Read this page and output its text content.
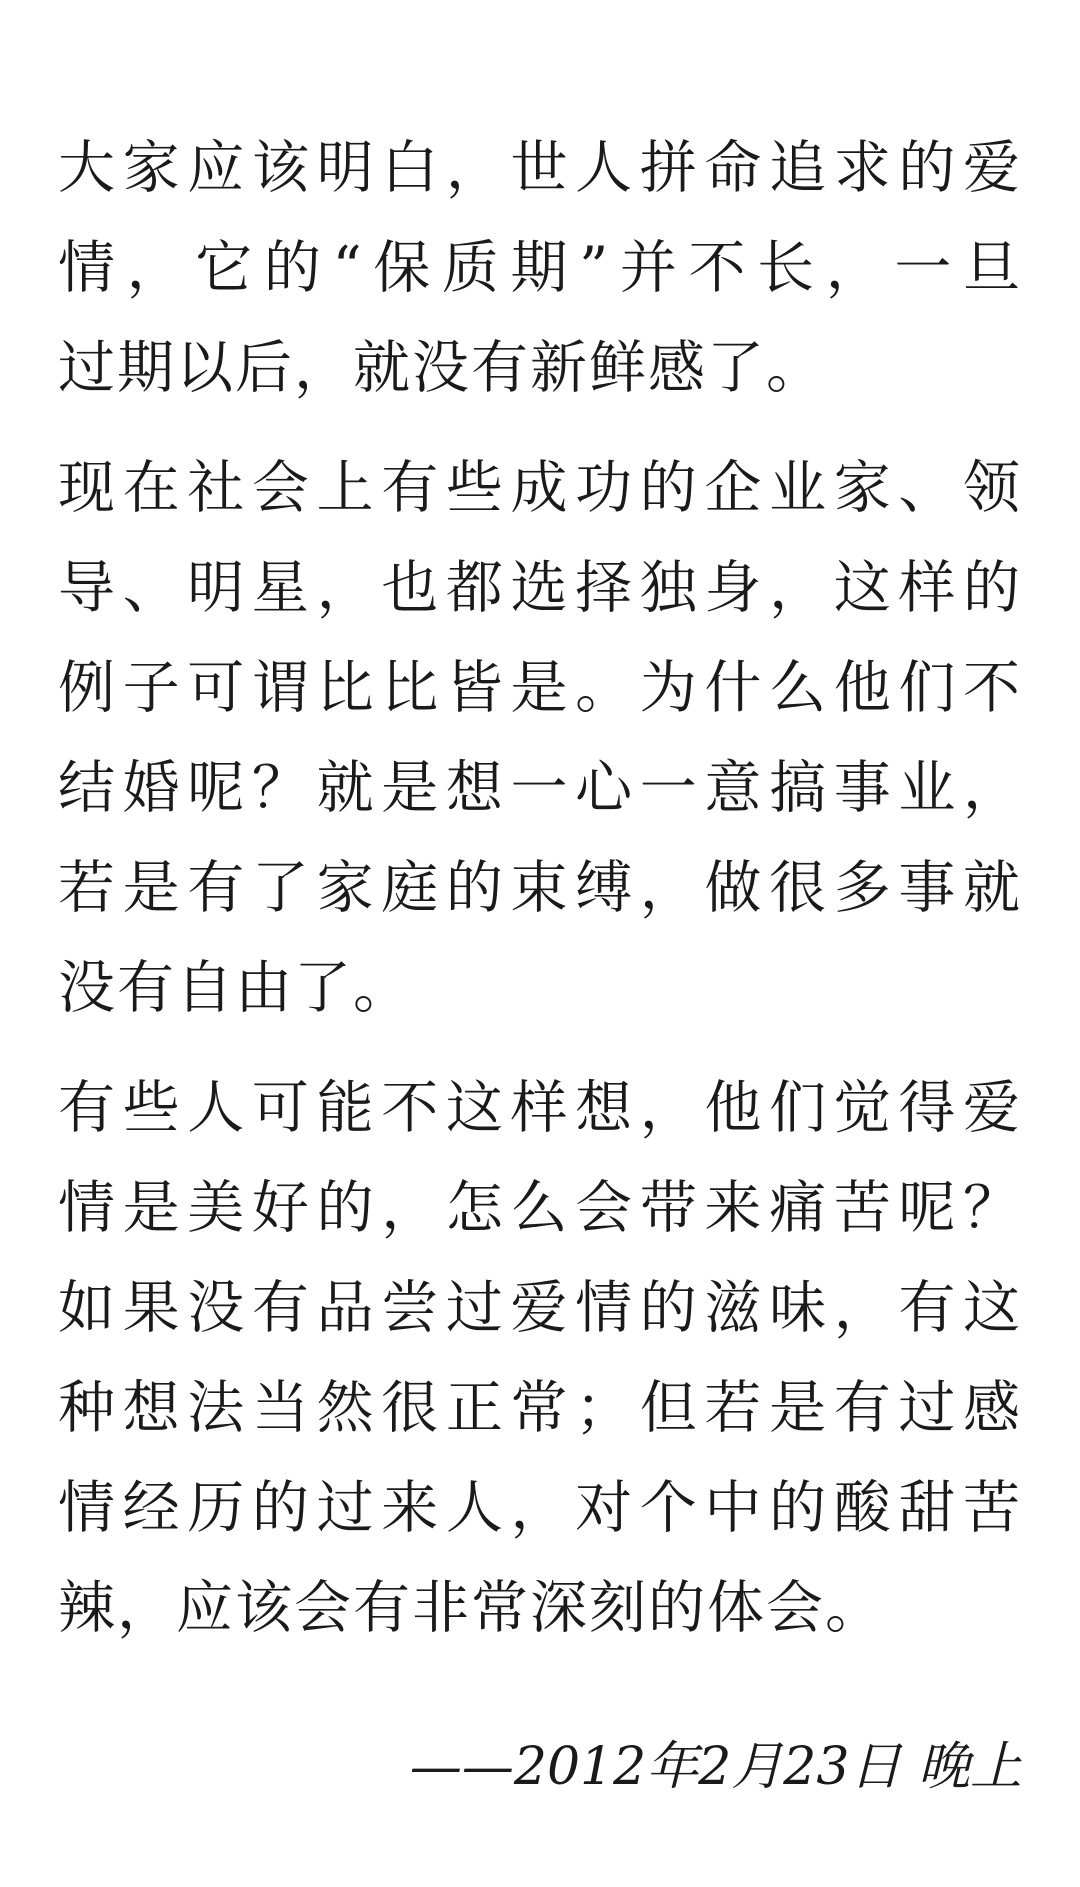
大家应该明白，世人拼命追求的爱
情，它的“保质期”并不长，一旦
过期以后，就没有新鲜感了。
现在社会上有些成功的企业家、领
导、明星，也都选择独身，这样的
例子可谓比比皆是。为什么他们不
结婚呢？就是想一心一意搞事业，
若是有了家庭的束缚，做很多事就
没有自由了。
有些人可能不这样想，他们觉得爱
情是美好的，怎么会带来痛苦呢？
如果没有品尝过爱情的滋味，有这
种想法当然很正常；但若是有过感
情经历的过来人，对个中的酸甜苦
辣，应该会有非常深刻的体会。
——2012年2月23日 晚上
